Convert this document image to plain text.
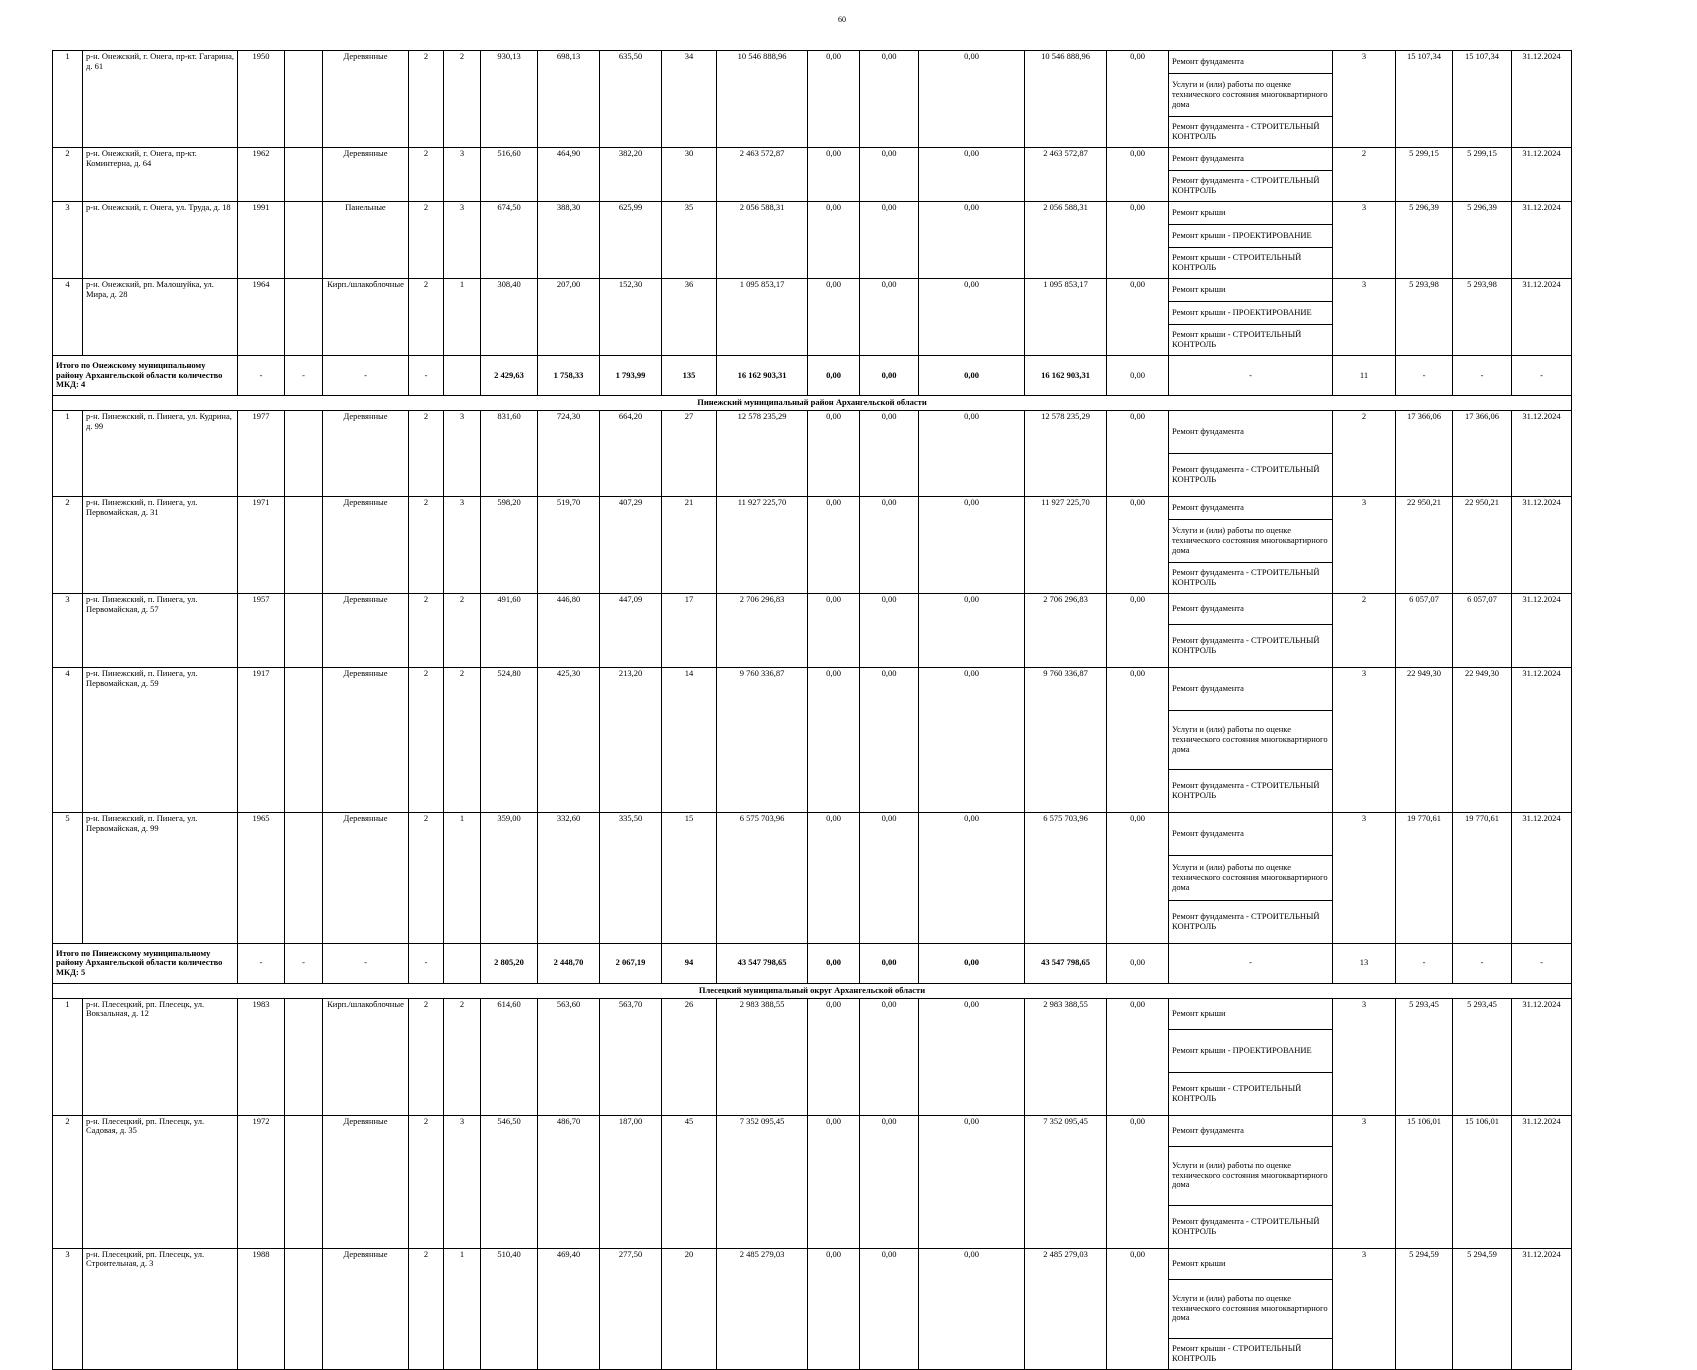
60
1	р-н. Онежский, г. Онега, пр-кт. Гагарина, д. 61	1950		Деревянные	2	2	930,13	698,13	635,50	34	10 546 888,96	0,00	0,00	0,00	10 546 888,96	0,00	Ремонт фундамента
Услуги и (или) работы по оценке технического состояния многоквартирного дома
Ремонт фундамента - СТРОИТЕЛЬНЫЙ КОНТРОЛЬ	3	15 107,34	15 107,34	31.12.2024
2	р-н. Онежский, г. Онега, пр-кт. Коминтерна, д. 64	1962		Деревянные	2	3	516,60	464,90	382,20	30	2 463 572,87	0,00	0,00	0,00	2 463 572,87	0,00	Ремонт фундамента
Ремонт фундамента - СТРОИТЕЛЬНЫЙ КОНТРОЛЬ	2	5 299,15	5 299,15	31.12.2024
3	р-н. Онежский, г. Онега, ул. Труда, д. 18	1991		Панельные	2	3	674,50	388,30	625,99	35	2 056 588,31	0,00	0,00	0,00	2 056 588,31	0,00	Ремонт крыши
Ремонт крыши - ПРОЕКТИРОВАНИЕ
Ремонт крыши - СТРОИТЕЛЬНЫЙ КОНТРОЛЬ	3	5 296,39	5 296,39	31.12.2024
4	р-н. Онежский, рп. Малошуйка, ул. Мира, д. 28	1964		Кирп./шлакоблочные	2	1	308,40	207,00	152,30	36	1 095 853,17	0,00	0,00	0,00	1 095 853,17	0,00	Ремонт крыши
Ремонт крыши - ПРОЕКТИРОВАНИЕ
Ремонт крыши - СТРОИТЕЛЬНЫЙ КОНТРОЛЬ	3	5 293,98	5 293,98	31.12.2024
Итого по Онежскому муниципальному району Архангельской области количество МКД: 4		-	-	-	-		2 429,63	1 758,33	1 793,99	135	16 162 903,31	0,00	0,00	0,00	16 162 903,31	0,00	-	11	-	-	-
Пинежский муниципальный район Архангельской области																					
1	р-н. Пинежский, п. Пинега, ул. Кудрина, д. 99	1977		Деревянные	2	3	831,60	724,30	664,20	27	12 578 235,29	0,00	0,00	0,00	12 578 235,29	0,00	Ремонт фундамента
Ремонт фундамента - СТРОИТЕЛЬНЫЙ КОНТРОЛЬ	2	17 366,06	17 366,06	31.12.2024
2	р-н. Пинежский, п. Пинега, ул. Первомайская, д. 31	1971		Деревянные	2	3	598,20	519,70	407,29	21	11 927 225,70	0,00	0,00	0,00	11 927 225,70	0,00	Ремонт фундамента
Услуги и (или) работы по оценке технического состояния многоквартирного дома
Ремонт фундамента - СТРОИТЕЛЬНЫЙ КОНТРОЛЬ	3	22 950,21	22 950,21	31.12.2024
3	р-н. Пинежский, п. Пинега, ул. Первомайская, д. 57	1957		Деревянные	2	2	491,60	446,80	447,09	17	2 706 296,83	0,00	0,00	0,00	2 706 296,83	0,00	Ремонт фундамента
Ремонт фундамента - СТРОИТЕЛЬНЫЙ КОНТРОЛЬ	2	6 057,07	6 057,07	31.12.2024
4	р-н. Пинежский, п. Пинега, ул. Первомайская, д. 59	1917		Деревянные	2	2	524,80	425,30	213,20	14	9 760 336,87	0,00	0,00	0,00	9 760 336,87	0,00	Ремонт фундамента
Услуги и (или) работы по оценке технического состояния многоквартирного дома
Ремонт фундамента - СТРОИТЕЛЬНЫЙ КОНТРОЛЬ	3	22 949,30	22 949,30	31.12.2024
5	р-н. Пинежский, п. Пинега, ул. Первомайская, д. 99	1965		Деревянные	2	1	359,00	332,60	335,50	15	6 575 703,96	0,00	0,00	0,00	6 575 703,96	0,00	Ремонт фундамента
Услуги и (или) работы по оценке технического состояния многоквартирного дома
Ремонт фундамента - СТРОИТЕЛЬНЫЙ КОНТРОЛЬ	3	19 770,61	19 770,61	31.12.2024
Итого по Пинежскому муниципальному району Архангельской области количество МКД: 5		-	-	-	-		2 805,20	2 448,70	2 067,19	94	43 547 798,65	0,00	0,00	0,00	43 547 798,65	0,00	-	13	-	-	-
Плесецкий муниципальный округ Архангельской области																					
1	р-н. Плесецкий, рп. Плесецк, ул. Вокзальная, д. 12	1983		Кирп./шлакоблочные	2	2	614,60	563,60	563,70	26	2 983 388,55	0,00	0,00	0,00	2 983 388,55	0,00	Ремонт крыши
Ремонт крыши - ПРОЕКТИРОВАНИЕ
Ремонт крыши - СТРОИТЕЛЬНЫЙ КОНТРОЛЬ	3	5 293,45	5 293,45	31.12.2024
2	р-н. Плесецкий, рп. Плесецк, ул. Садовая, д. 35	1972		Деревянные	2	3	546,50	486,70	187,00	45	7 352 095,45	0,00	0,00	0,00	7 352 095,45	0,00	Ремонт фундамента
Услуги и (или) работы по оценке технического состояния многоквартирного дома
Ремонт фундамента - СТРОИТЕЛЬНЫЙ КОНТРОЛЬ	3	15 106,01	15 106,01	31.12.2024
3	р-н. Плесецкий, рп. Плесецк, ул. Строительная, д. 3	1988		Деревянные	2	1	510,40	469,40	277,50	20	2 485 279,03	0,00	0,00	0,00	2 485 279,03	0,00	Ремонт крыши
Услуги и (или) работы по оценке технического состояния многоквартирного дома
Ремонт крыши - СТРОИТЕЛЬНЫЙ КОНТРОЛЬ	3	5 294,59	5 294,59	31.12.2024
